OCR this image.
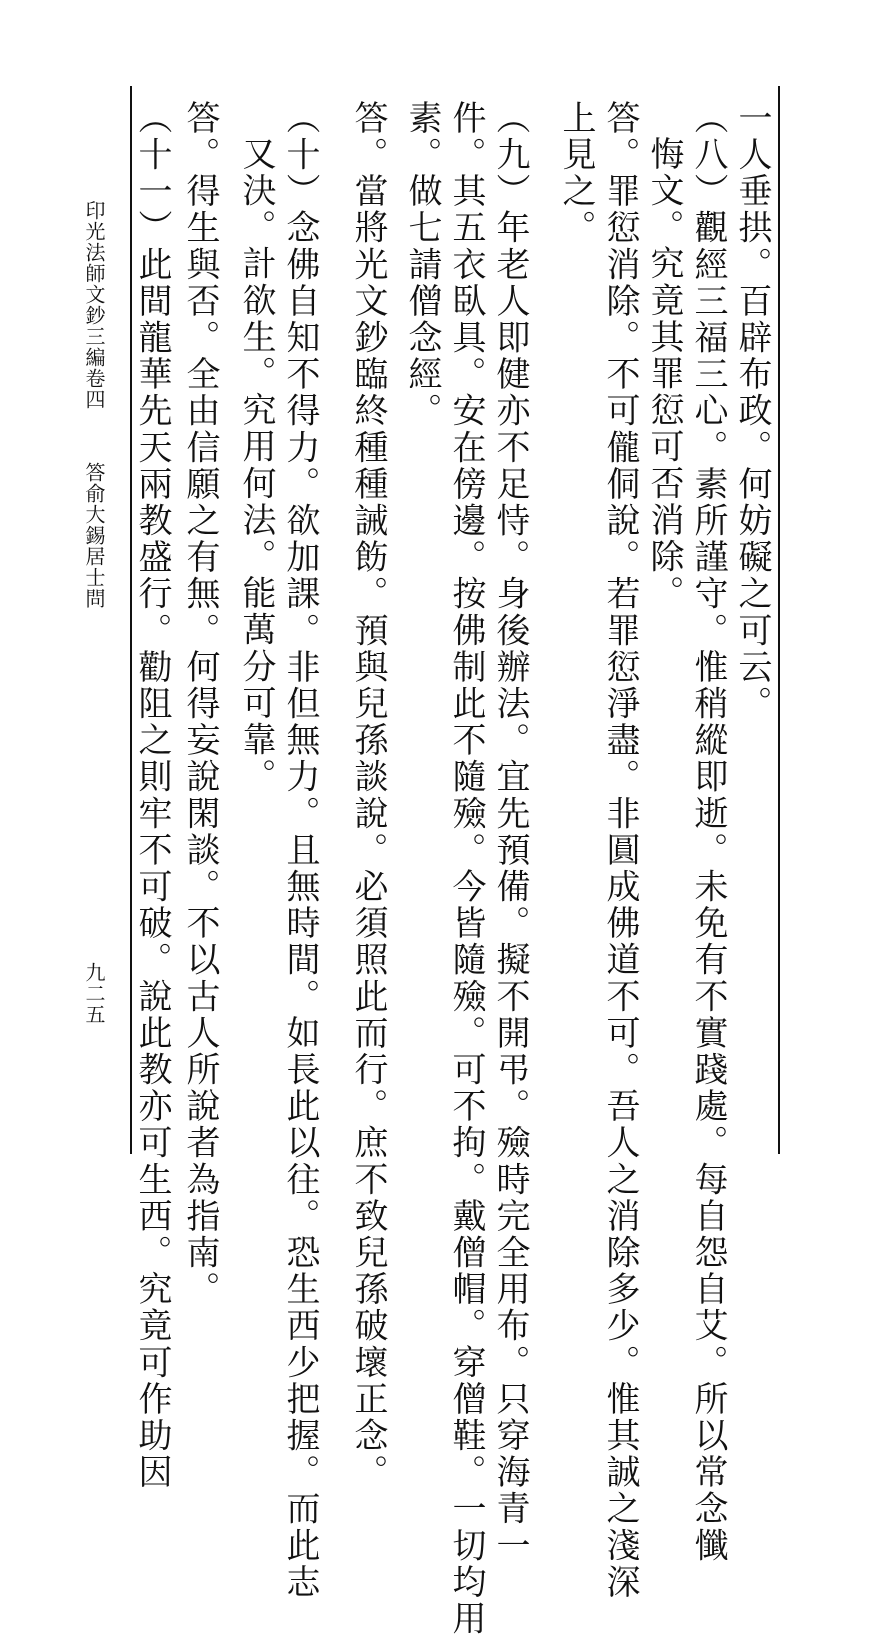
一人垂拱。百辟布政。何妨礙之可云。
（八）觀經三福三心。素所謹守。惟稍縱即逝。未免有不實踐處。每自怨自艾。所以常念懺
悔文。究竟其罪愆可否消除。
答。罪愆消除。不可儱侗說。若罪愆淨盡。非圓成佛道不可。吾人之消除多少。惟其誠之淺深
上見之。
（九）年老人即健亦不足恃。身後辦法。宜先預備。擬不開弔。殮時完全用布。只穿海青一
件。其五衣臥具。安在傍邊。按佛制此不隨殮。今皆隨殮。可不拘。戴僧帽。穿僧鞋。一切均用
素。做七請僧念經。
答。當將光文鈔臨終種種誡飭。預與兒孫談說。必須照此而行。庶不致兒孫破壞正念。
（十）念佛自知不得力。欲加課。非但無力。且無時間。如長此以往。恐生西少把握。而此志
又決。計欲生。究用何法。能萬分可靠。
答。得生與否。全由信願之有無。何得妄說閑談。不以古人所說者為指南。
（十一）此間龍華先天兩教盛行。勸阻之則牢不可破。說此教亦可生西。究竟可作助因
印光法師文鈔三編卷四
答俞大錫居士問
九二五
